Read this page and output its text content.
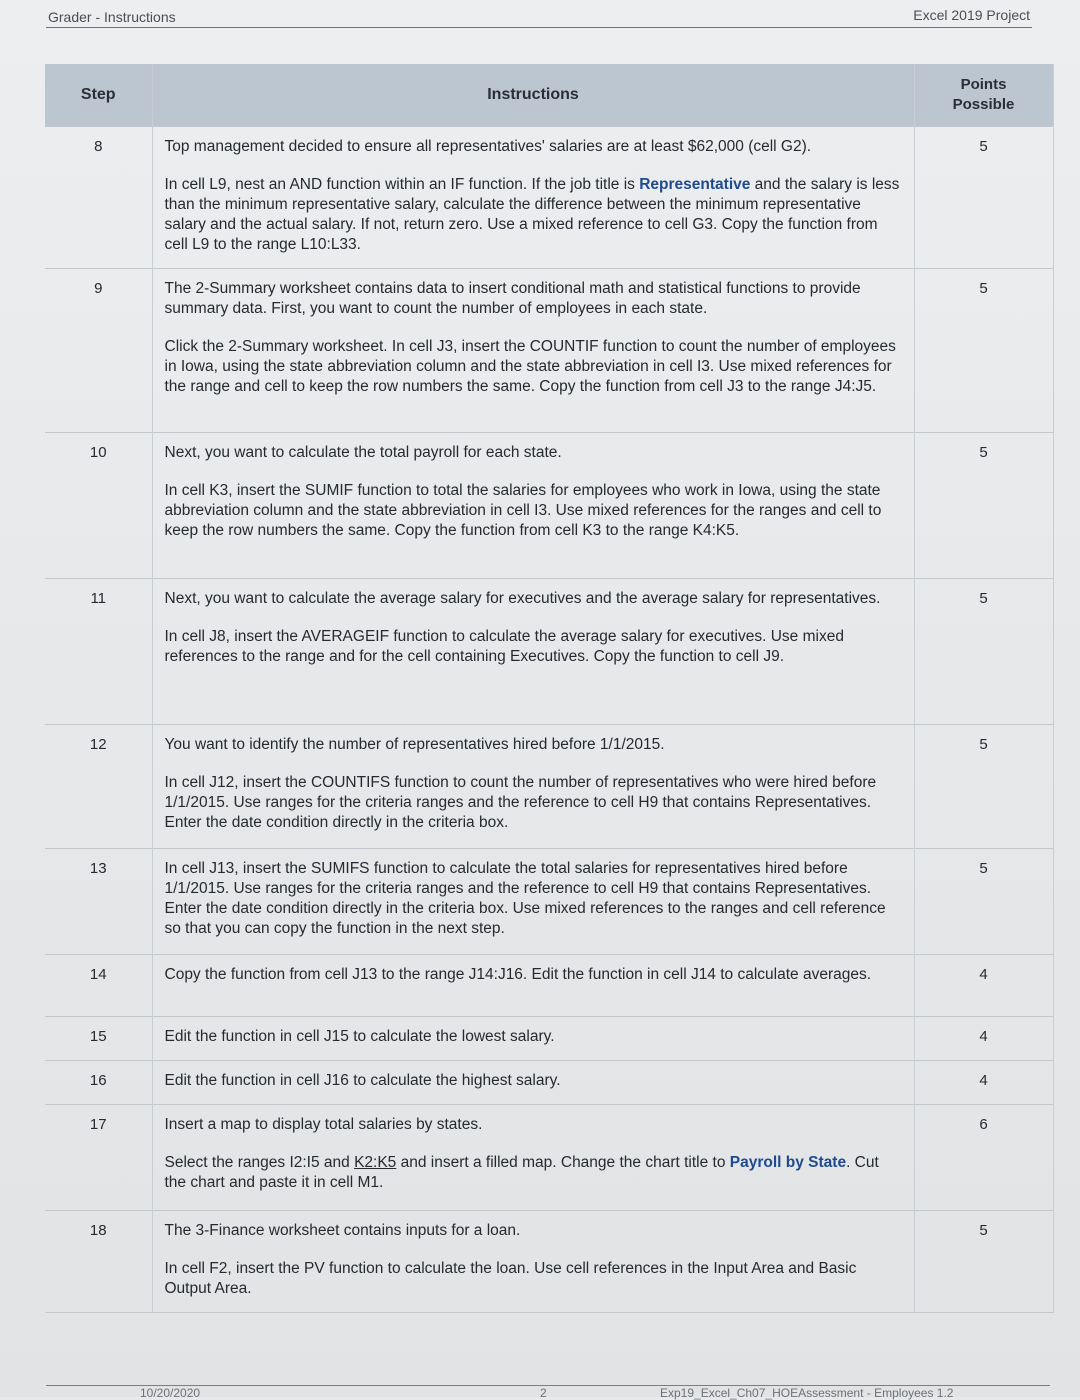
Grader - Instructions	Excel 2019 Project
Step	Instructions	Points
Possible
8	Top management decided to ensure all representatives' salaries are at least $62,000 (cell G2).

In cell L9, nest an AND function within an IF function. If the job title is Representative and the salary is less than the minimum representative salary, calculate the difference between the minimum representative salary and the actual salary. If not, return zero. Use a mixed reference to cell G3. Copy the function from cell L9 to the range L10:L33.	5
9	The 2-Summary worksheet contains data to insert conditional math and statistical functions to provide summary data. First, you want to count the number of employees in each state.

Click the 2-Summary worksheet. In cell J3, insert the COUNTIF function to count the number of employees in Iowa, using the state abbreviation column and the state abbreviation in cell I3. Use mixed references for the range and cell to keep the row numbers the same. Copy the function from cell J3 to the range J4:J5.	5
10	Next, you want to calculate the total payroll for each state.

In cell K3, insert the SUMIF function to total the salaries for employees who work in Iowa, using the state abbreviation column and the state abbreviation in cell I3. Use mixed references for the ranges and cell to keep the row numbers the same. Copy the function from cell K3 to the range K4:K5.	5
11	Next, you want to calculate the average salary for executives and the average salary for representatives.

In cell J8, insert the AVERAGEIF function to calculate the average salary for executives. Use mixed references to the range and for the cell containing Executives. Copy the function to cell J9.	5
12	You want to identify the number of representatives hired before 1/1/2015.

In cell J12, insert the COUNTIFS function to count the number of representatives who were hired before 1/1/2015. Use ranges for the criteria ranges and the reference to cell H9 that contains Representatives. Enter the date condition directly in the criteria box.	5
13	In cell J13, insert the SUMIFS function to calculate the total salaries for representatives hired before 1/1/2015. Use ranges for the criteria ranges and the reference to cell H9 that contains Representatives. Enter the date condition directly in the criteria box. Use mixed references to the ranges and cell reference so that you can copy the function in the next step.	5
14	Copy the function from cell J13 to the range J14:J16. Edit the function in cell J14 to calculate averages.	4
15	Edit the function in cell J15 to calculate the lowest salary.	4
16	Edit the function in cell J16 to calculate the highest salary.	4
17	Insert a map to display total salaries by states.

Select the ranges I2:I5 and K2:K5 and insert a filled map. Change the chart title to Payroll by State. Cut the chart and paste it in cell M1.	6
18	The 3-Finance worksheet contains inputs for a loan.

In cell F2, insert the PV function to calculate the loan. Use cell references in the Input Area and Basic Output Area.	5
10/20/2020	2	Exp19_Excel_Ch07_HOEAssessment - Employees 1.2
